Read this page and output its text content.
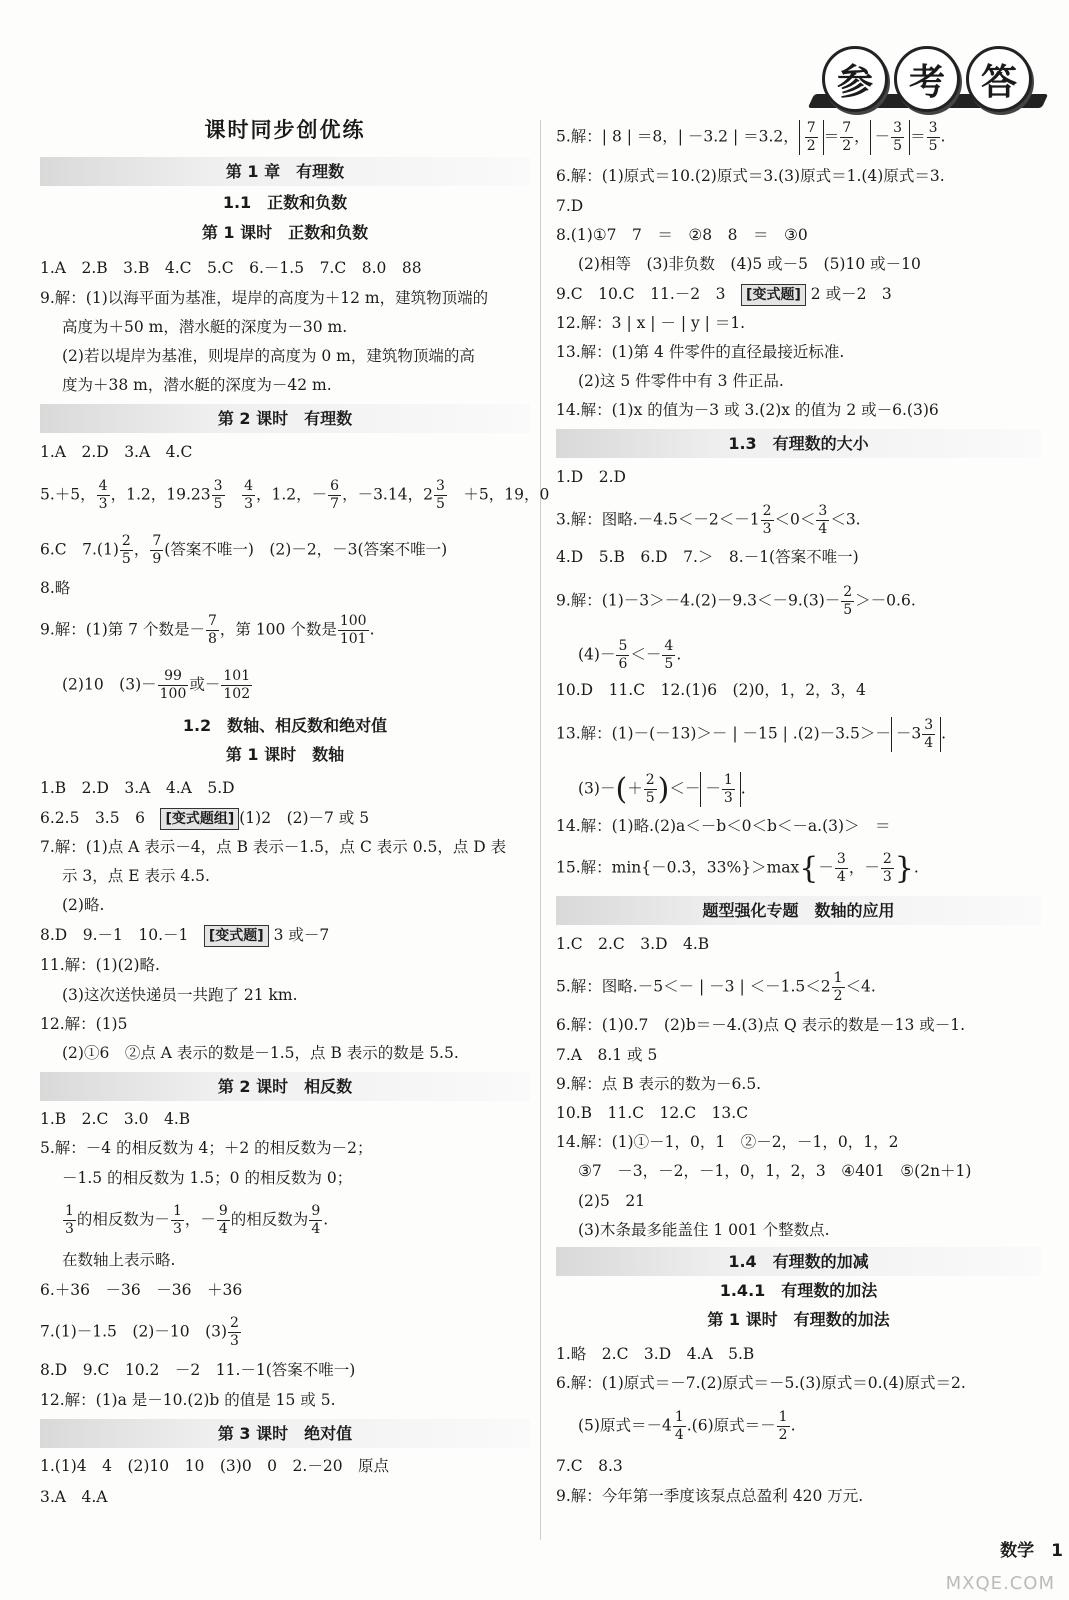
参 考 答
课时同步创优练
第 1 章　有理数
1.1　正数和负数
第 1 课时　正数和负数
1.A　2.B　3.B　4.C　5.C　6.－1.5　7.C　8.0　88
9.解：(1)以海平面为基准，堤岸的高度为＋12 m，建筑物顶端的
高度为＋50 m，潜水艇的深度为－30 m.
(2)若以堤岸为基准，则堤岸的高度为 0 m，建筑物顶端的高
度为＋38 m，潜水艇的深度为－42 m.
第 2 课时　有理数
1.A　2.D　3.A　4.C
5.＋5， $\frac{4}{3}$ ，1.2，$19.23 \frac{3}{5}$
　 $\frac{4}{3}$ ，1.2，－ $\frac{6}{7}$ ，－3.14，$2 \frac{3}{5}$
　 ＋5，19，0
6.C　$7.(1) \frac{2}{5}$ ， $\frac{7}{9}$ (答案不唯一)　(2)－2，－3(答案不唯一)
8.略
9.解：(1)第 7 个数是－ $\frac{7}{8}$ ，第 100 个数是 $\frac{100}{101}$ .
(2)10　$(3)- \frac{99}{100}$ 或－ $\frac{101}{102}$
1.2　数轴、相反数和绝对值
第 1 课时　数轴
1.B　2.D　3.A　4.A　5.D
6.2.5　3.5　6　[变式题组] (1)2　(2)－7 或 5
7.解：(1)点 A 表示－4，点 B 表示－1.5，点 C 表示 0.5，点 D 表
示 3，点 E 表示 4.5.
(2)略.
8.D　9.－1　10.－1　[变式题] 3 或－7
11.解：(1)(2)略.
(3)这次送快递员一共跑了 21 km.
12.解：(1)5
(2)①6　②点 A 表示的数是－1.5，点 B 表示的数是 5.5.
第 2 课时　相反数
1.B　2.C　3.0　4.B
5.解：－4 的相反数为 4；＋2 的相反数为－2；
－1.5 的相反数为 1.5；0 的相反数为 0；
$\frac{1}{3}$ 的相反数为－ $\frac{1}{3}$ ，－ $\frac{9}{4}$ 的相反数为 $\frac{9}{4}$ .
在数轴上表示略.
6.＋36　－36　－36　＋36
7.(1)－1.5　(2)－10　$(3) \frac{2}{3}$
8.D　9.C　10.2　－2　11.－1(答案不唯一)
12.解：(1)a 是－10.(2)b 的值是 15 或 5.
第 3 课时　绝对值
1.(1)4　4　(2)10　10　(3)0　0　2.－20　原点
3.A　4.A
5.解：| 8 | ＝8，| －3.2 | ＝3.2， $\frac{7}{2} = \frac{7}{2}$ ， － $\frac{3}{5} = \frac{3}{5}$ .
6.解：(1)原式＝10.(2)原式＝3.(3)原式＝1.(4)原式＝3.
7.D
8.(1)①7　7　＝　②8　8　＝　③0
(2)相等　(3)非负数　(4)5 或－5　(5)10 或－10
9.C　10.C　11.－2　3　[变式题] 2 或－2　3
12.解：3 | x | － | y | ＝1.
13.解：(1)第 4 件零件的直径最接近标准.
(2)这 5 件零件中有 3 件正品.
14.解：(1)x 的值为－3 或 3.(2)x 的值为 2 或－6.(3)6
1.3　有理数的大小
1.D　2.D
3.解：图略$.-4.5<-2<-1 \frac{2}{3} <0< \frac{3}{4} <3$.
4.D　5.B　6.D　7.＞　8.－1(答案不唯一)
9.解：$(1)-3>-4.(2)-9.3<-9.(3)- \frac{2}{5} >-0.6$.
$(4)- \frac{5}{6} <- \frac{4}{5}$ .
10.D　11.C　12.(1)6　(2)0，1，2，3，4
13.解：(1)－(－13)＞－ | －15 | $.(2)-3.5>- -3 \frac{3}{4}$ .
$(3)-(+ \frac{2}{5}$ )＜－ － $\frac{1}{3}$ .
14.解：(1)略.(2)a＜－b＜0＜b＜－a.(3)＞　＝
15.解：min{－0.3̇，$33\%\}>\max\{- \frac{3}{4}$ ，－ $\frac{2}{3}$ }.
题型强化专题　数轴的应用
1.C　2.C　3.D　4.B
5.解：图略.－5＜－ | －3 | $<-1.5<2 \frac{1}{2} <4$.
6.解：(1)0.7　(2)b＝－4.(3)点 Q 表示的数是－13 或－1.
7.A　8.1 或 5
9.解：点 B 表示的数为－6.5.
10.B　11.C　12.C　13.C
14.解：(1)①－1，0，1　②－2，－1，0，1，2
③7　－3，－2，－1，0，1，2，3　④401　⑤(2n＋1)
(2)5　21
(3)木条最多能盖住 1 001 个整数点.
1.4　有理数的加减
1.4.1　有理数的加法
第 1 课时　有理数的加法
1.略　2.C　3.D　4.A　5.B
6.解：(1)原式＝－7.(2)原式＝－5.(3)原式＝0.(4)原式＝2.
(5)原式$=-4 \frac{1}{4} .(6)$原式＝－ $\frac{1}{2}$ .
7.C　8.3
9.解：今年第一季度该泵点总盈利 420 万元.
数学　1
MXQE.COM
